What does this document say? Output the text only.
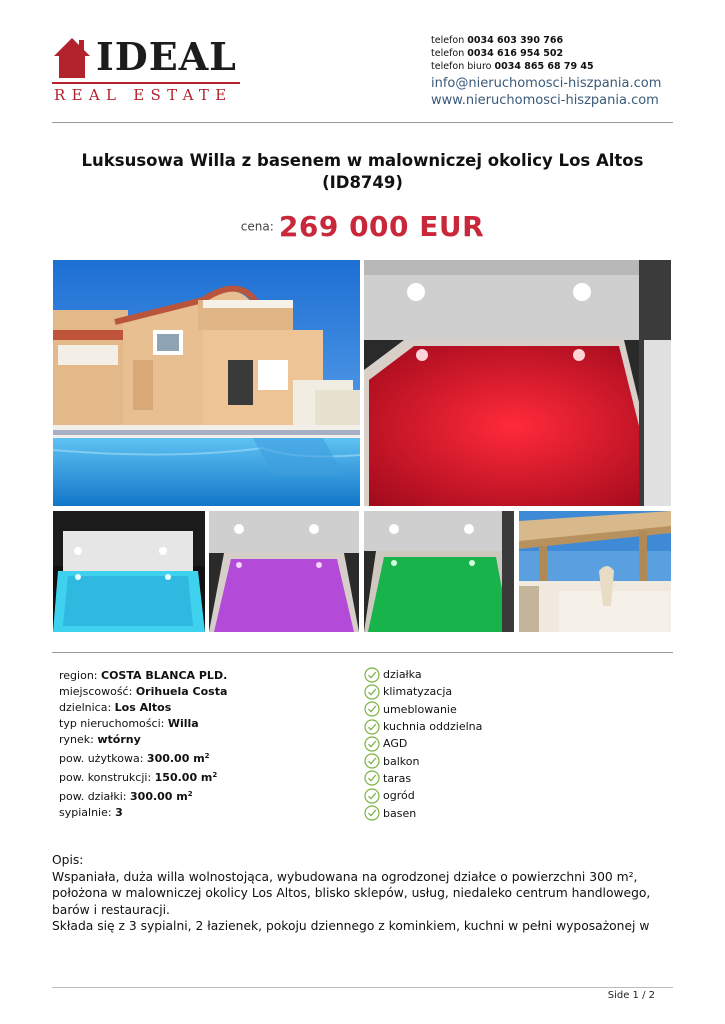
IDEAL
REAL ESTATE
telefon 0034 603 390 766
telefon 0034 616 954 502
telefon biuro 0034 865 68 79 45
info@nieruchomosci-hiszpania.com
www.nieruchomosci-hiszpania.com
Luksusowa Willa z basenem w malowniczej okolicy Los Altos
(ID8749)
cena: 269 000 EUR
region: COSTA BLANCA PLD.
miejscowość: Orihuela Costa
dzielnica: Los Altos
typ nieruchomości: Willa
rynek: wtórny
pow. użytkowa: 300.00 $m^2$
pow. konstrukcji: 150.00 $m^2$
pow. działki: 300.00 $m^2$
sypialnie: 3
działka
klimatyzacja
umeblowanie
kuchnia oddzielna
AGD
balkon
taras
ogród
basen
Opis:
Wspaniała, duża willa wolnostojąca, wybudowana na ogrodzonej działce o powierzchni 300 m²,
położona w malowniczej okolicy Los Altos, blisko sklepów, usług, niedaleko centrum handlowego,
barów i restauracji.
Składa się z 3 sypialni, 2 łazienek, pokoju dziennego z kominkiem, kuchni w pełni wyposażonej w
Side 1 / 2
